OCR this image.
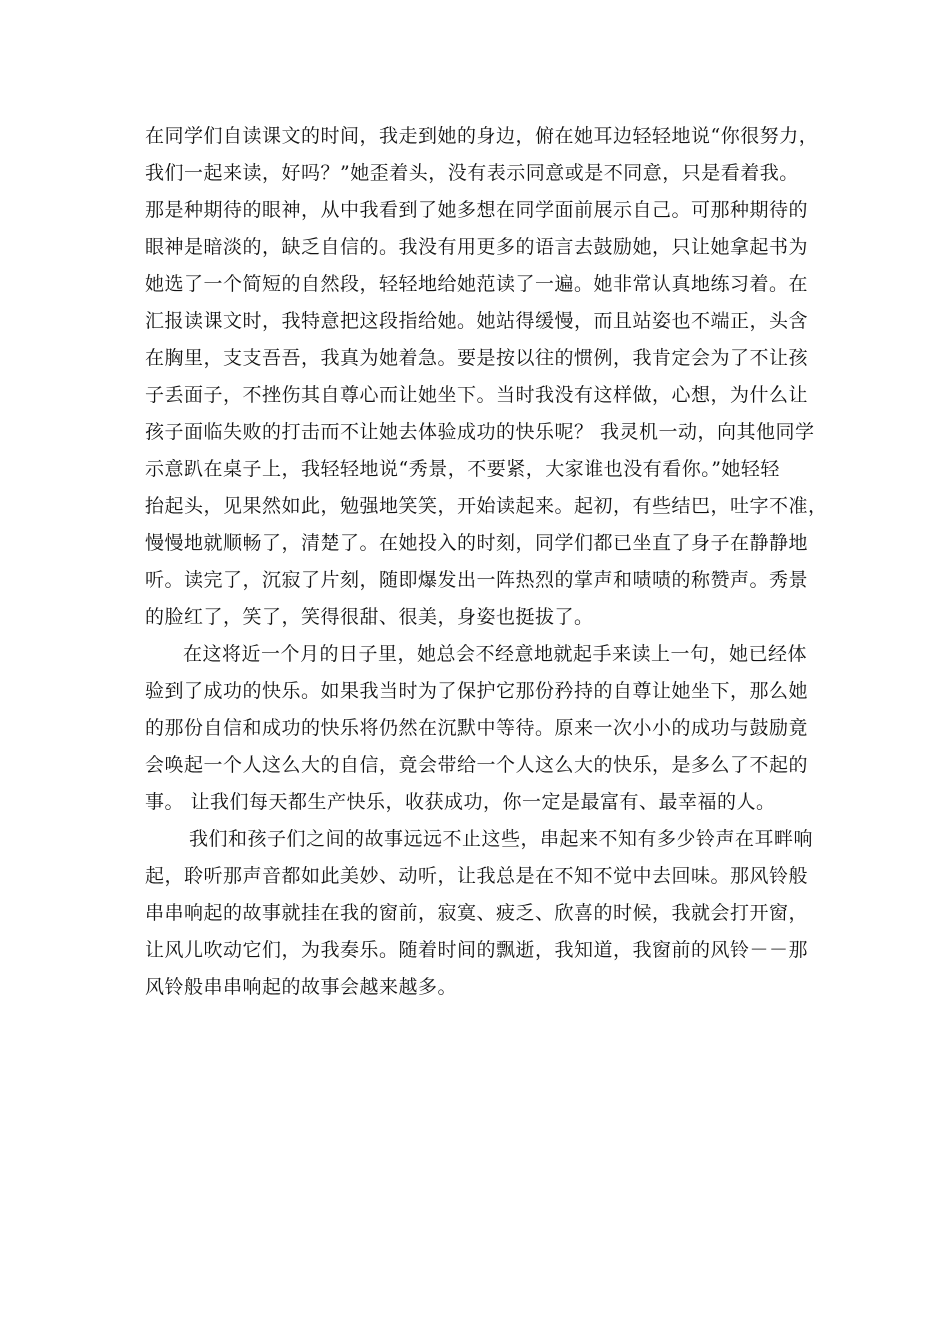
在同学们自读课文的时间，我走到她的身边，俯在她耳边轻轻地说“你很努力，
我们一起来读，好吗？”她歪着头，没有表示同意或是不同意，只是看着我。
那是种期待的眼神，从中我看到了她多想在同学面前展示自己。可那种期待的
眼神是暗淡的，缺乏自信的。我没有用更多的语言去鼓励她，只让她拿起书为
她选了一个简短的自然段，轻轻地给她范读了一遍。她非常认真地练习着。在
汇报读课文时，我特意把这段指给她。她站得缓慢，而且站姿也不端正，头含
在胸里，支支吾吾，我真为她着急。要是按以往的惯例，我肯定会为了不让孩
子丢面子，不挫伤其自尊心而让她坐下。当时我没有这样做，心想，为什么让
孩子面临失败的打击而不让她去体验成功的快乐呢？ 我灵机一动，向其他同学
示意趴在桌子上，我轻轻地说“秀景，不要紧，大家谁也没有看你。”她轻轻
抬起头，见果然如此，勉强地笑笑，开始读起来。起初，有些结巴，吐字不准，
慢慢地就顺畅了，清楚了。在她投入的时刻，同学们都已坐直了身子在静静地
听。读完了，沉寂了片刻，随即爆发出一阵热烈的掌声和啧啧的称赞声。秀景
的脸红了，笑了，笑得很甜、很美，身姿也挺拔了。
在这将近一个月的日子里，她总会不经意地就起手来读上一句，她已经体
验到了成功的快乐。如果我当时为了保护它那份矜持的自尊让她坐下，那么她
的那份自信和成功的快乐将仍然在沉默中等待。原来一次小小的成功与鼓励竟
会唤起一个人这么大的自信，竟会带给一个人这么大的快乐，是多么了不起的
事。 让我们每天都生产快乐，收获成功，你一定是最富有、最幸福的人。
我们和孩子们之间的故事远远不止这些，串起来不知有多少铃声在耳畔响
起，聆听那声音都如此美妙、动听，让我总是在不知不觉中去回味。那风铃般
串串响起的故事就挂在我的窗前，寂寞、疲乏、欣喜的时候，我就会打开窗，
让风儿吹动它们，为我奏乐。随着时间的飘逝，我知道，我窗前的风铃－－那
风铃般串串响起的故事会越来越多。
